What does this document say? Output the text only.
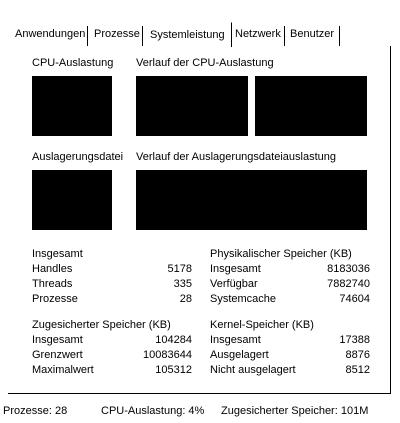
Anwendungen Prozesse Systemleistung Netzwerk Benutzer
CPU-Auslastung Verlauf der CPU-Auslastung
Auslagerungsdatei Verlauf der Auslagerungsdateiauslastung
Insgesamt
Handles	5178
Threads	335
Prozesse	28
Physikalischer Speicher (KB)
Insgesamt	8183036
Verfügbar	7882740
Systemcache	74604
Zugesicherter Speicher (KB)
Insgesamt	104284
Grenzwert	10083644
Maximalwert	105312
Kernel-Speicher (KB)
Insgesamt	17388
Ausgelagert	8876
Nicht ausgelagert	8512
Prozesse: 28	CPU-Auslastung: 4% Zugesicherter Speicher: 101M
